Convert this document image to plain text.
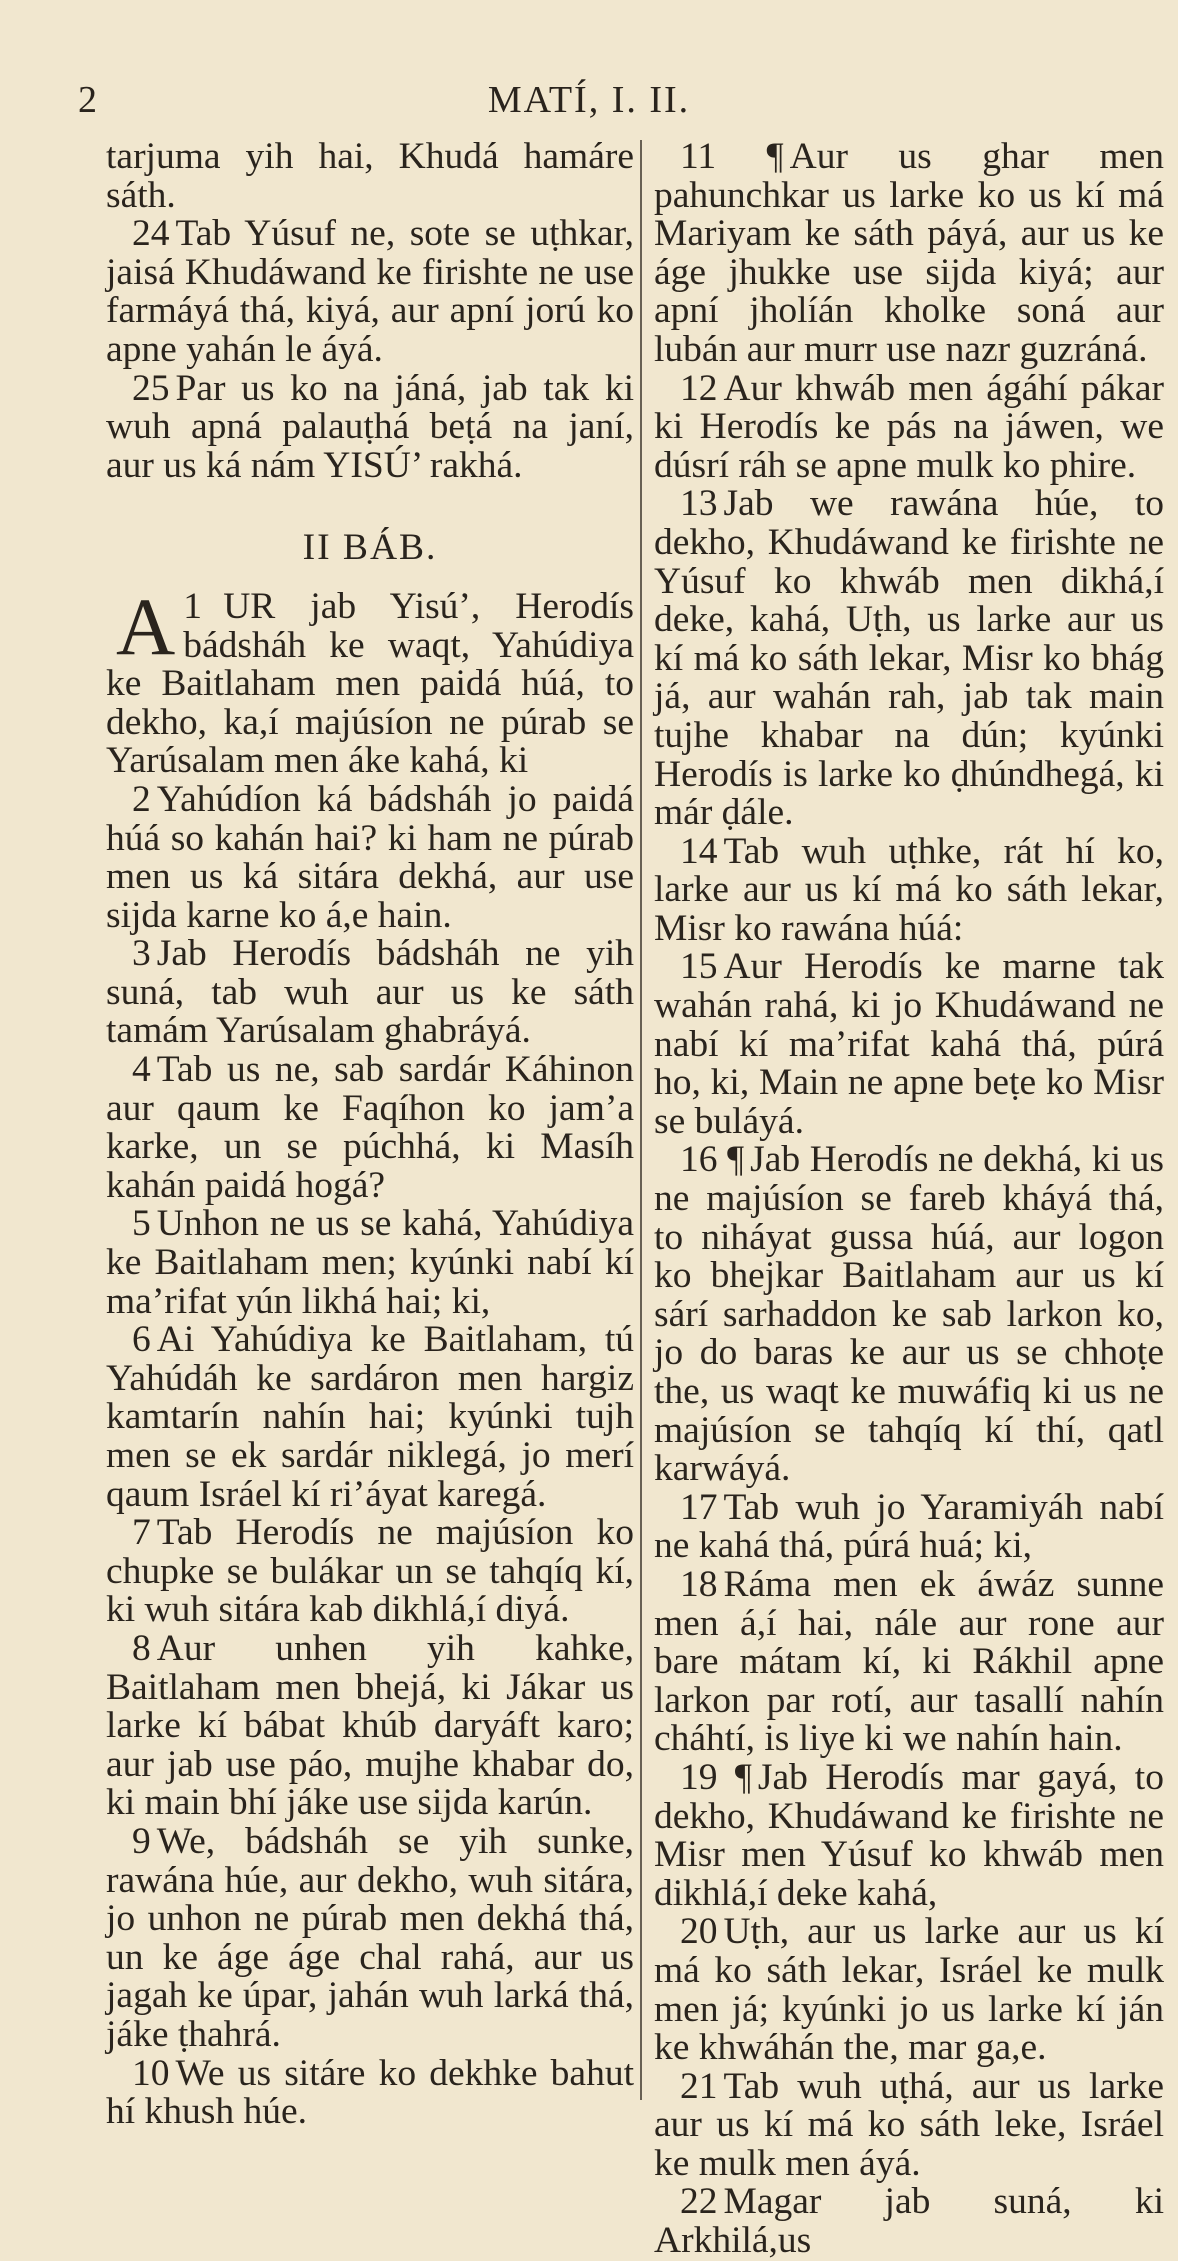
2	MATÍ, I. II.

tarjuma yih hai, Khudá hamáre sáth.

24 Tab Yúsuf ne, sote se uṭhkar, jaisá Khudáwand ke firishte ne use farmáyá thá, kiyá, aur apní jorú ko apne yahán le áyá.

25 Par us ko na jáná, jab tak ki wuh apná palauṭhá beṭá na janí, aur us ká nám YISÚ’ rakhá.

II BÁB.

1
A UR jab Yisú’, Herodís bádsháh ke waqt, Yahúdiya ke Baitlaham men paidá húá, to dekho, ka,í majúsíon ne púrab se Yarúsalam men áke kahá, ki

2 Yahúdíon ká bádsháh jo paidá húá so kahán hai? ki ham ne púrab men us ká sitára dekhá, aur use sijda karne ko á,e hain.

3 Jab Herodís bádsháh ne yih suná, tab wuh aur us ke sáth tamám Yarúsalam ghabráyá.

4 Tab us ne, sab sardár Káhinon aur qaum ke Faqíhon ko jam’a karke, un se púchhá, ki Masíh kahán paidá hogá?

5 Unhon ne us se kahá, Yahúdiya ke Baitlaham men; kyúnki nabí kí ma’rifat yún likhá hai; ki,

6 Ai Yahúdiya ke Baitlaham, tú Yahúdáh ke sardáron men hargiz kamtarín nahín hai; kyúnki tujh men se ek sardár niklegá, jo merí qaum Isráel kí ri’áyat karegá.

7 Tab Herodís ne majúsíon ko chupke se bulákar un se tahqíq kí, ki wuh sitára kab dikhlá,í diyá.

8 Aur unhen yih kahke, Baitlaham men bhejá, ki Jákar us larke kí bábat khúb daryáft karo; aur jab use páo, mujhe khabar do, ki main bhí jáke use sijda karún.

9 We, bádsháh se yih sunke, rawána húe, aur dekho, wuh sitára, jo unhon ne púrab men dekhá thá, un ke áge áge chal rahá, aur us jagah ke úpar, jahán wuh larká thá, jáke ṭhahrá.

10 We us sitáre ko dekhke bahut hí khush húe.

11 ¶ Aur us ghar men pahunchkar us larke ko us kí má Mariyam ke sáth páyá, aur us ke áge jhukke use sijda kiyá; aur apní jholíán kholke soná aur lubán aur murr use nazr guzráná.

12 Aur khwáb men ágáhí pákar ki Herodís ke pás na jáwen, we dúsrí ráh se apne mulk ko phire.

13 Jab we rawána húe, to dekho, Khudáwand ke firishte ne Yúsuf ko khwáb men dikhá,í deke, kahá, Uṭh, us larke aur us kí má ko sáth lekar, Misr ko bhág já, aur wahán rah, jab tak main tujhe khabar na dún; kyúnki Herodís is larke ko ḍhúndhegá, ki már ḍále.

14 Tab wuh uṭhke, rát hí ko, larke aur us kí má ko sáth lekar, Misr ko rawána húá:

15 Aur Herodís ke marne tak wahán rahá, ki jo Khudáwand ne nabí kí ma’rifat kahá thá, púrá ho, ki, Main ne apne beṭe ko Misr se buláyá.

16 ¶ Jab Herodís ne dekhá, ki us ne majúsíon se fareb kháyá thá, to niháyat gussa húá, aur logon ko bhejkar Baitlaham aur us kí sárí sarhaddon ke sab larkon ko, jo do baras ke aur us se chhoṭe the, us waqt ke muwáfiq ki us ne majúsíon se tahqíq kí thí, qatl karwáyá.

17 Tab wuh jo Yaramiyáh nabí ne kahá thá, púrá huá; ki,

18 Ráma men ek áwáz sunne men á,í hai, nále aur rone aur bare mátam kí, ki Rákhil apne larkon par rotí, aur tasallí nahín cháhtí, is liye ki we nahín hain.

19 ¶ Jab Herodís mar gayá, to dekho, Khudáwand ke firishte ne Misr men Yúsuf ko khwáb men dikhlá,í deke kahá,

20 Uṭh, aur us larke aur us kí má ko sáth lekar, Isráel ke mulk men já; kyúnki jo us larke kí ján ke khwáhán the, mar ga,e.

21 Tab wuh uṭhá, aur us larke aur us kí má ko sáth leke, Isráel ke mulk men áyá.

22 Magar jab suná, ki Arkhilá,us
